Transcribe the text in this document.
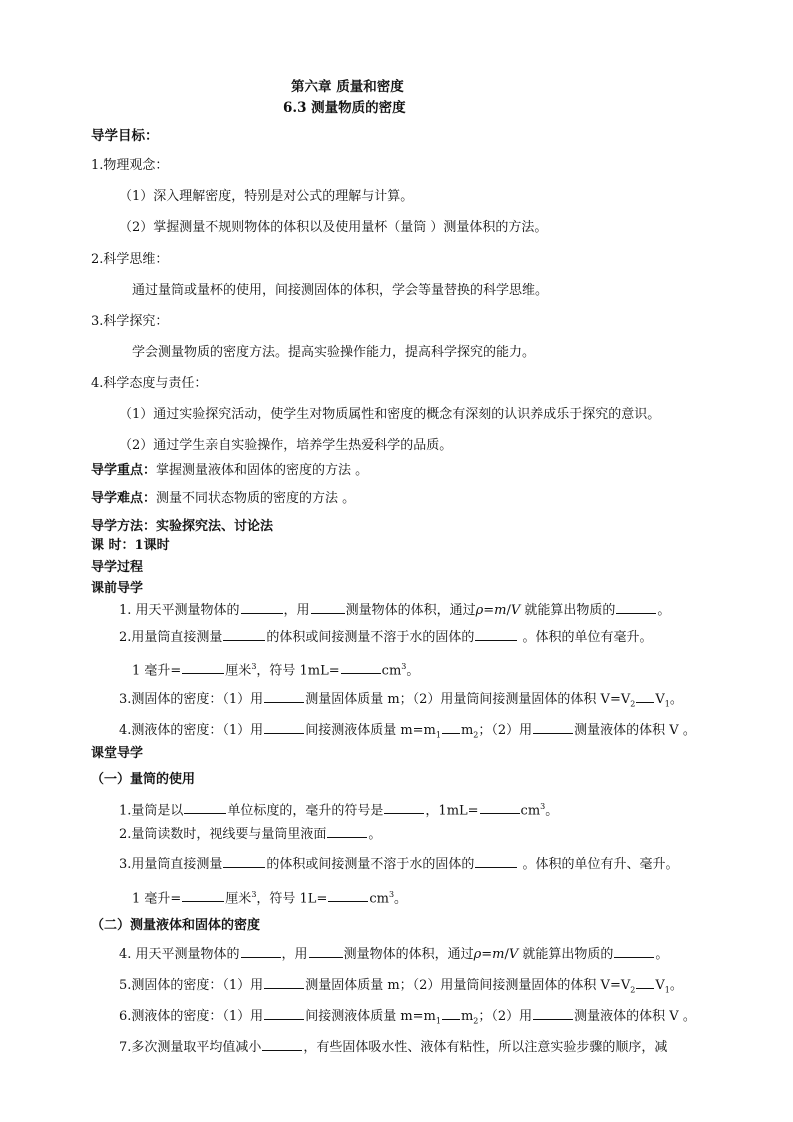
第六章 质量和密度
6.3 测量物质的密度
导学目标：
1.物理观念：
（1）深入理解密度，特别是对公式的理解与计算。
（2）掌握测量不规则物体的体积以及使用量杯（量筒 ）测量体积的方法。
2.科学思维：
通过量筒或量杯的使用，间接测固体的体积，学会等量替换的科学思维。
3.科学探究：
学会测量物质的密度方法。提高实验操作能力，提高科学探究的能力。
4.科学态度与责任：
（1）通过实验探究活动，使学生对物质属性和密度的概念有深刻的认识养成乐于探究的意识。
（2）通过学生亲自实验操作，培养学生热爱科学的品质。
导学重点：掌握测量液体和固体的密度的方法 。
导学难点：测量不同状态物质的密度的方法 。
导学方法：实验探究法、讨论法
课 时：1课时
导学过程
课前导学
1. 用天平测量物体的	，用	测量物体的体积，通过ρ=m/V 就能算出物质的	。
2.用量筒直接测量	的体积或间接测量不溶于水的固体的	。体积的单位有毫升。
1 毫升=	厘米$^3$，符号 1mL=	$cm^3$。
3.测固体的密度：（1）用	测量固体质量 m；（2）用量筒间接测量固体的体积 $V=V_2$ $V_1$。
4.测液体的密度：（1）用	间接测液体质量 $m=m_1$ $m_2$；（2）用	测量液体的体积 V 。
课堂导学
（一）量筒的使用
1.量筒是以	单位标度的，毫升的符号是	，1mL=	$cm^3$。
2.量筒读数时，视线要与量筒里液面	。
3.用量筒直接测量	的体积或间接测量不溶于水的固体的	。体积的单位有升、毫升。
1 毫升=	厘米$^3$，符号 1L=	$cm^3$。
（二）测量液体和固体的密度
4. 用天平测量物体的	，用	测量物体的体积，通过ρ=m/V 就能算出物质的	。
5.测固体的密度：（1）用	测量固体质量 m；（2）用量筒间接测量固体的体积 $V=V_2$ $V_1$。
6.测液体的密度：（1）用	间接测液体质量 $m=m_1$ $m_2$；（2）用	测量液体的体积 V 。
7.多次测量取平均值减小	，有些固体吸水性、液体有粘性，所以注意实验步骤的顺序，减
